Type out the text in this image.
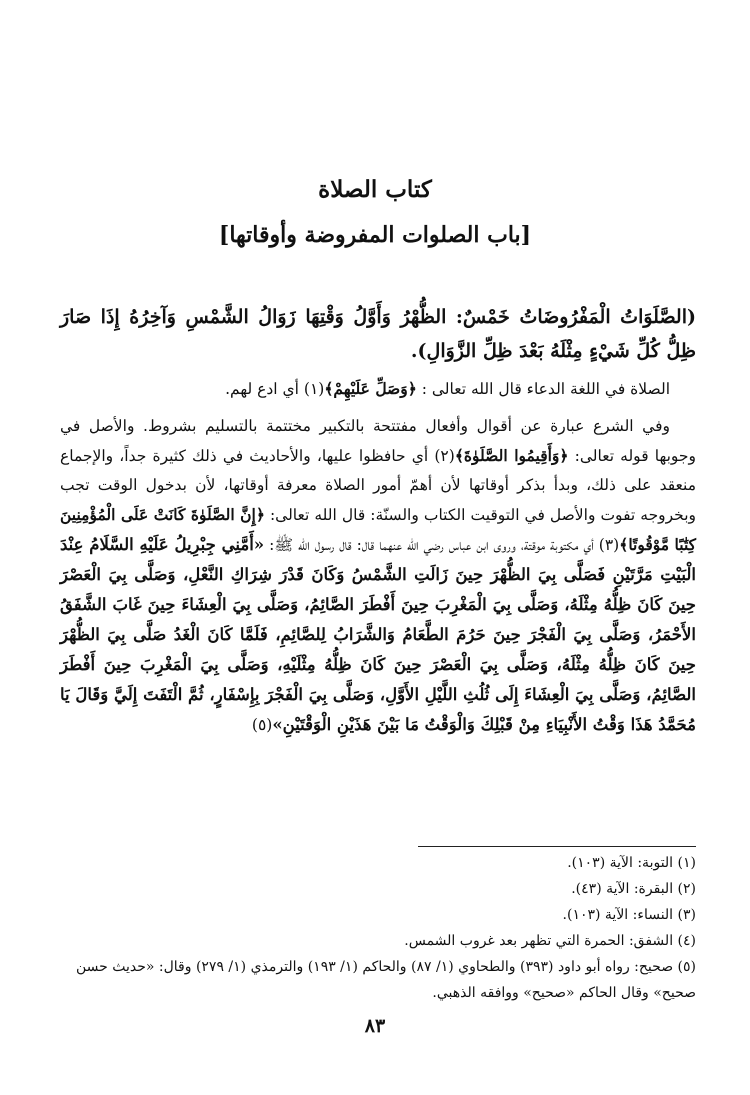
كتاب الصلاة
[باب الصلوات المفروضة وأوقاتها]

(الصَّلَوَاتُ الْمَفْرُوضَاتُ خَمْسٌ: الظُّهْرُ وَأَوَّلُ وَقْتِهَا زَوَالُ الشَّمْسِ وَآخِرُهُ إِذَا صَارَ ظِلُّ كُلِّ شَيْءٍ مِثْلَهُ بَعْدَ ظِلِّ الزَّوَالِ).

الصلاة في اللغة الدعاء قال الله تعالى : ﴿وَصَلِّ عَلَيْهِمْ﴾(١) أي ادع لهم.

وفي الشرع عبارة عن أقوال وأفعال مفتتحة بالتكبير مختتمة بالتسليم بشروط. والأصل في وجوبها قوله تعالى: ﴿وَأَقِيمُوا الصَّلَوٰةَ﴾(٢) أي حافظوا عليها، والأحاديث في ذلك كثيرة جداً، والإجماع منعقد على ذلك، وبدأ بذكر أوقاتها لأن أهمّ أمور الصلاة معرفة أوقاتها، لأن بدخول الوقت تجب وبخروجه تفوت والأصل في التوقيت الكتاب والسنّة: قال الله تعالى: ﴿إِنَّ الصَّلَوٰةَ كَانَتْ عَلَى الْمُؤْمِنِينَ كِتَٰبًا مَّوْقُوتًا﴾(٣) أي مكتوبة موقتة، وروى ابن عباس رضي الله عنهما قال: قال رسول الله ﷺ: «أَمَّنِي جِبْرِيلُ عَلَيْهِ السَّلَامُ عِنْدَ الْبَيْتِ مَرَّتَيْنِ فَصَلَّى بِيَ الظُّهْرَ حِينَ زَالَتِ الشَّمْسُ وَكَانَ قَدْرَ شِرَاكِ النَّعْلِ، وَصَلَّى بِيَ الْعَصْرَ حِينَ كَانَ ظِلُّهُ مِثْلَهُ، وَصَلَّى بِيَ الْمَغْرِبَ حِينَ أَفْطَرَ الصَّائِمُ، وَصَلَّى بِيَ الْعِشَاءَ حِينَ غَابَ الشَّفَقُ الأَحْمَرُ، وَصَلَّى بِيَ الْفَجْرَ حِينَ حَرُمَ الطَّعَامُ وَالشَّرَابُ لِلصَّائِمِ، فَلَمَّا كَانَ الْغَدُ صَلَّى بِيَ الظُّهْرَ حِينَ كَانَ ظِلُّهُ مِثْلَهُ، وَصَلَّى بِيَ الْعَصْرَ حِينَ كَانَ ظِلُّهُ مِثْلَيْهِ، وَصَلَّى بِيَ الْمَغْرِبَ حِينَ أَفْطَرَ الصَّائِمُ، وَصَلَّى بِيَ الْعِشَاءَ إِلَى ثُلُثِ اللَّيْلِ الأَوَّلِ، وَصَلَّى بِيَ الْفَجْرَ بِإِسْفَارٍ، ثُمَّ الْتَفَتَ إِلَيَّ وَقَالَ يَا مُحَمَّدُ هَذَا وَقْتُ الأَنْبِيَاءِ مِنْ قَبْلِكَ وَالْوَقْتُ مَا بَيْنَ هَذَيْنِ الْوَقْتَيْنِ»(٥)

(١) التوبة: الآية (١٠٣).

(٢) البقرة: الآية (٤٣).

(٣) النساء: الآية (١٠٣).

(٤) الشفق: الحمرة التي تظهر بعد غروب الشمس.

(٥) صحيح: رواه أبو داود (٣٩٣) والطحاوي (١/ ٨٧) والحاكم (١/ ١٩٣) والترمذي (١/ ٢٧٩) وقال: «حديث حسن صحيح» وقال الحاكم «صحيح» ووافقه الذهبي.

٨٣
